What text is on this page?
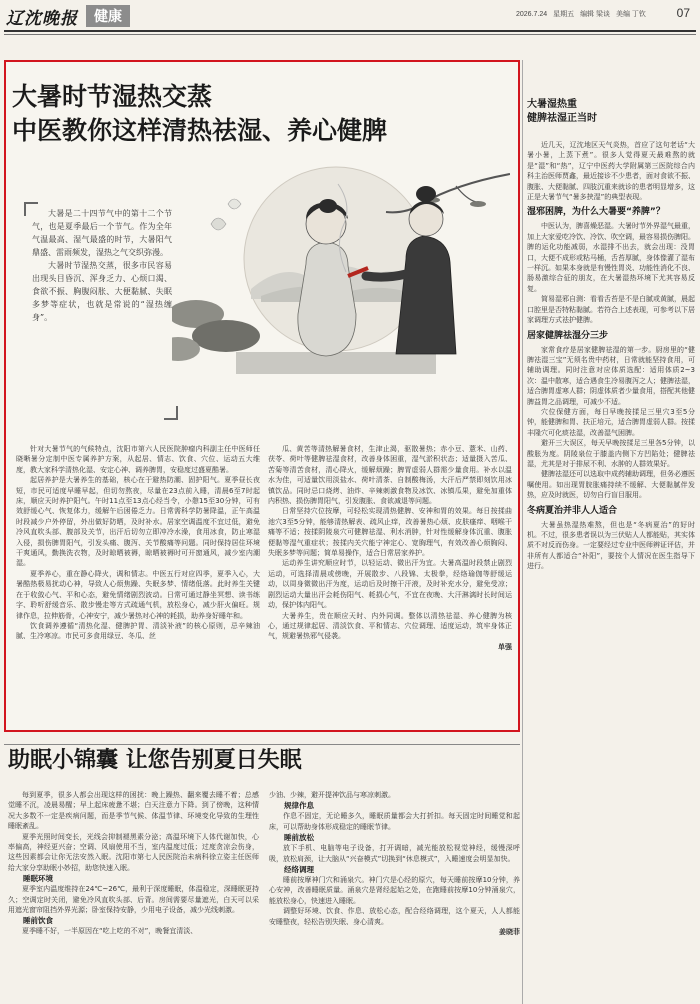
辽沈晚报	健康	2026.7.24 星期五 编辑 梁谈 美编 丁钦	07
大暑时节湿热交蒸
中医教你这样清热祛湿、养心健脾

大暑是二十四节气中的第十二个节气，也是夏季最后一个节气。作为全年气温最高、湿气最盛的时节，大暑阳气鼎盛、雷雨频发，湿热之气交织弥漫。

大暑时节湿热交蒸，很多市民容易出现头目昏沉、浑身乏力、心烦口渴、食欲不振、胸腹闷胀、大便黏腻、失眠多梦等症状，也就是常说的“湿热缠身”。

针对大暑节气的气候特点，沈阳市第六人民医院肿瘤内科副主任中医师任晓晰暑分定制中医专属养护方案，从起居、情志、饮食、穴位、运动五大维度，教大家科学清热化湿、安定心神、调养脾胃，安稳度过盛夏酷暑。

起居养护是大暑养生的基础，核心在于避热防潮、固护阳气。夏季昼长夜短，市民可适度早睡早起，但切勿熬夜，尽量在23点前入睡，清晨6至7时起床，顺应天时养护阳气。午时11点至13点心经当令，小憩15至30分钟，可有效舒缓心气、恢复体力，缓解午后困倦乏力。日常需科学防暑降温，正午高温时段减少户外停留，外出做好防晒，及时补水。居家空调温度不宜过低，避免冷风直吹头部、腹部及关节，出汗后切勿立即冲冷水澡，食用冰食，防止寒湿入侵，损伤脾胃阳气，引发头痛、腹泻、关节酸痛等问题。同时保持居住环境干爽通风，勤换洗衣物，及时晾晒被褥，晾晒被褥时可开窗通风，减少室内潮湿。

夏季养心，重在静心降火，调和情志。中医五行对应四季，夏季入心，大暑酷热极易扰动心神，导致人心烦焦躁、失眠多梦、情绪低落。此时养生关键在于收敛心气、平和心态，避免情绪剧烈波动。日常可通过静坐冥想、读书练字、聆听舒缓音乐、散步慢走等方式疏通气机，放松身心，减少肝火偏旺。规律作息，拉伸筋骨，心神安宁，减少暑热对心神的耗损，助养身好睡年和。

饮食调养遵循“清热化湿、健脾护胃、清淡补液”的核心原则，忌辛辣油腻、生冷寒凉。市民可多食用绿豆、冬瓜、丝

瓜、黄苦等清热解暑食材，生津止渴，驱散暑热；赤小豆、薏米、山药、茯苓、荷叶等健脾祛湿食材，改善身体困重，湿气淤积状态；适量摄入苦瓜、苦菊等清苦食材，清心降火，缓解烦躁；脾胃虚弱人群需少量食用。补水以温水为佳，可适量饮用淡盐水、荷叶清茶、自制酸梅汤，大汗后严禁即刻饮用冰镇饮品。同时忌口烧烤、油炸、辛辣刺激食物及冰饮、冰镇瓜果，避免加重体内积热、损伤脾胃阳气，引发腹胀、食欲减退等问题。

日常坚持穴位按摩，可轻松实现清热健脾、安神和胃的效果。每日按揉曲池穴3至5分钟，能够清热解表、疏风止痒，改善暑热心烦、皮肤瘙痒、咽喉干痛等不适；按揉阴陵泉穴可健脾祛湿、利水消肿，针对性缓解身体沉重、腹胀便黏等湿气重症状；按揉内关穴能宁神定心、宽胸理气，有效改善心烦胸闷、失眠多梦等问题；简单易操作，适合日常居家养护。

运动养生讲究顺应时节，以轻运动、微出汗为宜。大暑高温时段禁止剧烈运动，可选择清晨或傍晚，开展散步、八段锦、太极拳，经络瑜伽等舒缓运动，以周身微微出汗为度，运动后及时擦干汗液，及时补充水分，避免受凉；剧烈运动大量出汗会耗伤阳气、耗损心气，不宜在夜晚、大汗淋漓时长时间运动，保护体内阳气。

大暑养生，贵在顺应天时、内外同调。整体以清热祛湿、养心健脾为核心，通过规律起居、清淡饮食、平和情志、穴位调理、适度运动，筑牢身体正气，规避暑热邪气侵袭。

单强
大暑湿热重
健脾祛湿正当时

近几天，辽沈地区天气炎热，首应了这句老话“大暑小暑，上蒸下煮”。很多人觉得夏天最难熬的就是“湿”和“热”，辽宁中医药大学附属第三医院综合内科主治医师贾鑫，最近接诊不少患者，面对食欲不振、腹胀、大便黏腻、四肢沉重来就诊的患者明显增多，这正是大暑节气“暑多挟湿”的典型表现。

湿邪困脾，为什么大暑要“养脾”？

中医认为，脾喜燥恶湿。大暑时节外界湿气最重，加上大家爱吃冷饮、冷饮、吹空调，最容易损伤脾阳。脾的运化功能减弱，水湿排不出去，就会出现：没胃口，大便不成形或粘马桶，舌苔厚腻，身体像灌了湿布一样沉。如果本身就是有慢性胃炎、功能性消化不良、肠易激综合征的朋友，在大暑湿热环境下尤其容易反复。

简易湿邪自测：看看舌苔是不是白腻或黄腻，晨起口腔里是否特粘黏腻。若符合上述表现，可参考以下居家调理方式祛护健脾。

居家健脾祛湿分三步

家常食疗是居家健脾祛湿的第一步。厨房里的“健脾祛湿三宝”无须名贵中药材，日常就能坚持食用，可辅助调理。同时注意对应体质选配：适用体质2~3次：温中散寒，适合遇食生冷易腹泻之人；健脾祛湿，适合脾胃虚寒人群；阴虚体质者少量食用，搭配其他健脾益胃之品调理，可减少不适。

穴位保健方面，每日早晚按揉足三里穴3至5分钟，能健脾和胃、扶正培元，适合脾胃虚弱人群。按揉丰隆穴可化痰祛湿，改善湿气困脾。

避开三大误区，每天早晚按揉足三里各5分钟，以酸胀为度。阴陵泉位于膝盖内侧下方凹陷处；健脾祛湿，尤其是对于排尿不利、水肿的人群效果好。

健脾祛湿还可以选取中成药辅助调理，但务必遵医嘱使用。如出现胃脘胀痛持续不缓解、大便黏腻伴发热，应及时就医，切勿自行盲目服用。

冬病夏治并非人人适合

大暑虽热湿热难熬，但也是“冬病夏治”的好时机。不过，很多患者误以为三伏贴人人都能贴，其实体质不对反而伤身。一定要经过专业中医师辨证评估，并非所有人都适合“补阳”，要按个人情况在医生指导下进行。

助眠小锦囊 让您告别夏日失眠

每到夏季，很多人都会出现这样的困扰：晚上躁热、翻来覆去睡不着；总感觉睡不沉，凌晨易醒；早上起床疲惫不堪；白天注意力下降。到了傍晚，这种情况大多数不一定是疾病问题，而是季节气候、体温节律、环境变化导致的生理性睡眠紊乱。

夏季光照时间变长，光线会抑制褪黑素分泌；高温环境下人体代谢加快，心率偏高，神经更兴奋；空调、风扇使用不当，室内温度过低；过度贪凉会伤身，这些因素都会让你无法安然入眠。沈阳市第七人民医院治未病科徐立姿主任医师给大家分享助眠小妙招，助您快速入眠。

睡眠环境

夏季室内温度维持在24℃~26℃，最利于深度睡眠，体温稳定，深睡眠更持久；空调定时关闭，避免冷风直吹头部、后背。房间需要尽量遮光，白天可以采用遮光窗帘阻挡外界光源；卧室保持安静，少用电子设备，减少光线刺激。

睡前饮食

夏季睡不好，一半原因在“吃上吃的不对”，晚餐宜清淡、

少油、少辣，避开提神饮品与寒凉刺激。

规律作息

作息不固定，无论睡多久，睡眠质量都会大打折扣。每天固定时间睡觉和起床，可以帮助身体形成稳定的睡眠节律。

睡前放松

放下手机、电脑等电子设备，打开调暗，减光能放松视觉神经，缓慢深呼吸，放松肩颈，让大脑从“兴奋模式”切换到“休息模式”，入睡速度会明显加快。

经络调理

睡前按摩神门穴和涌泉穴。神门穴是心经的原穴，每天睡前按摩10分钟，养心安神，改善睡眠质量。涌泉穴是肾经起始之处，在跑睡前按摩10分钟涌泉穴，能放松身心，快速进入睡眠。

调整好环境、饮食、作息、放松心态，配合经络调理，这个夏天，人人都能安睡整夜，轻松告别失眠、身心清爽。

姜晓菲
